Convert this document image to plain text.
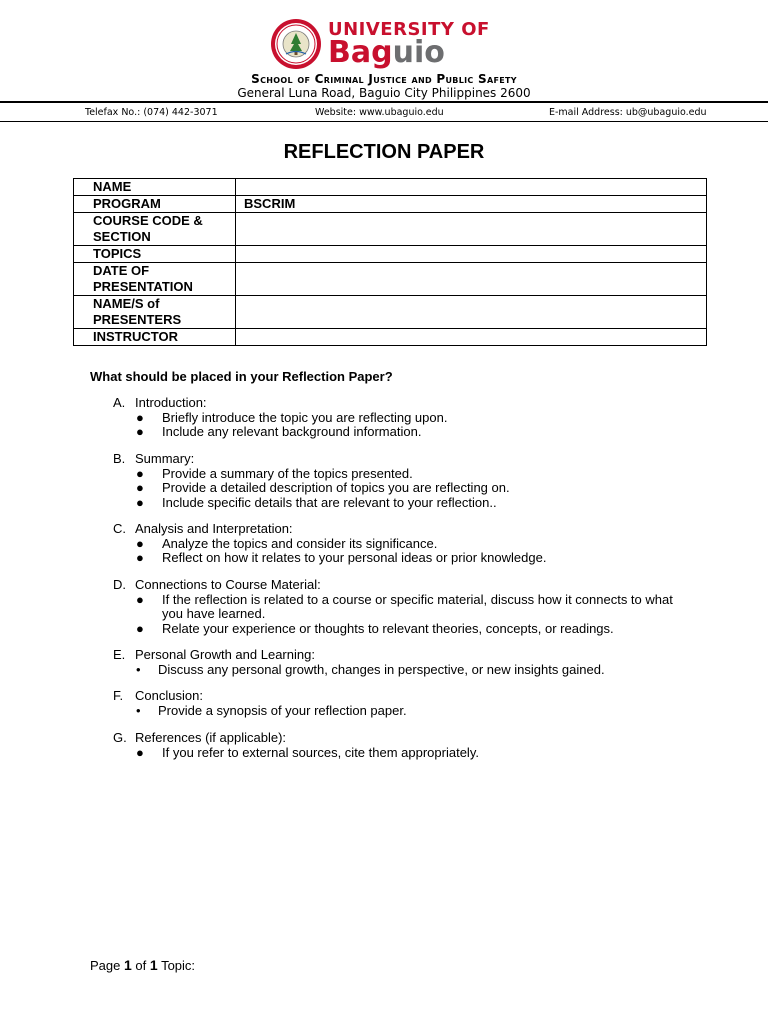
UNIVERSITY OF
Baguio
School of Criminal Justice and Public Safety
General Luna Road, Baguio City Philippines 2600
Telefax No.: (074) 442-3071	Website: www.ubaguio.edu	E-mail Address: ub@ubaguio.edu
REFLECTION PAPER
NAME	
PROGRAM	BSCRIM
COURSE CODE & SECTION	
TOPICS	
DATE OF PRESENTATION	
NAME/S of PRESENTERS	
INSTRUCTOR	
What should be placed in your Reflection Paper?
A. Introduction:
●	Briefly introduce the topic you are reflecting upon.
●	Include any relevant background information.
B. Summary:
●	Provide a summary of the topics presented.
●	Provide a detailed description of topics you are reflecting on.
●	Include specific details that are relevant to your reflection..
C. Analysis and Interpretation:
●	Analyze the topics and consider its significance.
●	Reflect on how it relates to your personal ideas or prior knowledge.
D. Connections to Course Material:
●	If the reflection is related to a course or specific material, discuss how it connects to what you have learned.
●	Relate your experience or thoughts to relevant theories, concepts, or readings.
E. Personal Growth and Learning:
•	Discuss any personal growth, changes in perspective, or new insights gained.
F. Conclusion:
•	Provide a synopsis of your reflection paper.
G. References (if applicable):
●	If you refer to external sources, cite them appropriately.
Page 1 of 1 Topic:
